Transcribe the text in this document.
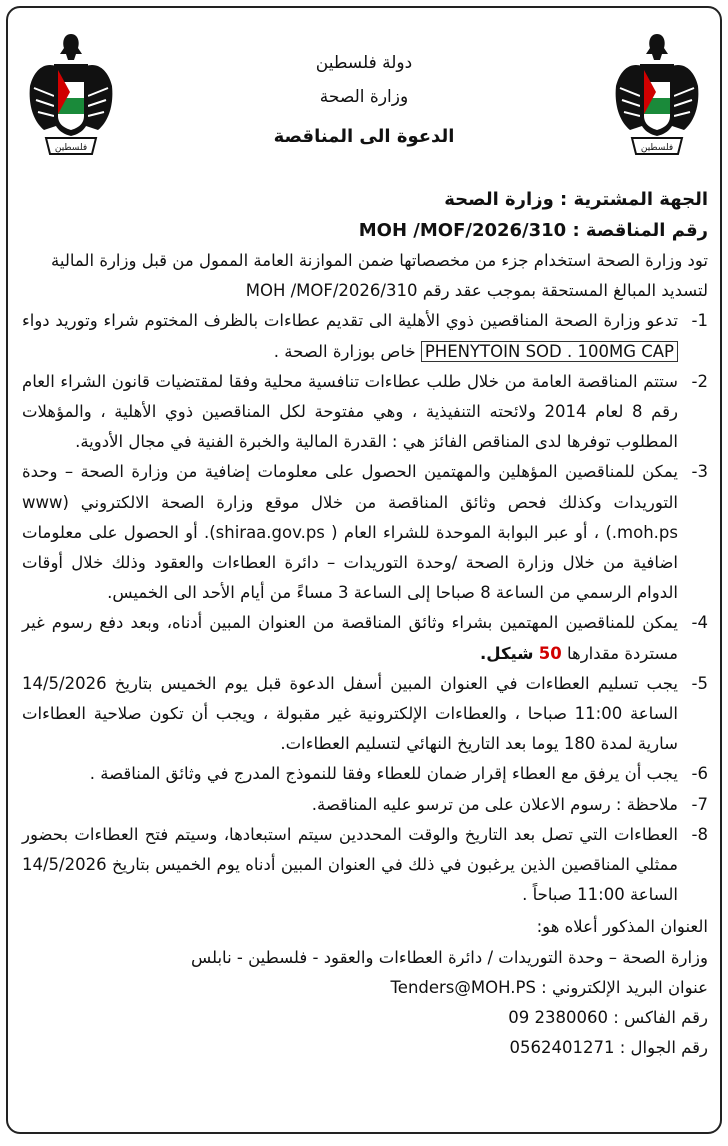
فلسطين	فلسطين
دولة فلسطين
وزارة الصحة
الدعوة الى المناقصة
الجهة المشترية : وزارة الصحة
رقم المناقصة : MOH /MOF/2026/310

تود وزارة الصحة استخدام جزء من مخصصاتها ضمن الموازنة العامة الممول من قبل وزارة المالية لتسديد المبالغ المستحقة بموجب عقد رقم MOH /MOF/2026/310

1-
تدعو وزارة الصحة المناقصين ذوي الأهلية الى تقديم عطاءات بالظرف المختوم شراء وتوريد دواء PHENYTOIN SOD . 100MG CAP خاص بوزارة الصحة .
2-
ستتم المناقصة العامة من خلال طلب عطاءات تنافسية محلية وفقا لمقتضيات قانون الشراء العام رقم 8 لعام 2014 ولائحته التنفيذية ، وهي مفتوحة لكل المناقصين ذوي الأهلية ، والمؤهلات المطلوب توفرها لدى المناقص الفائز هي : القدرة المالية والخبرة الفنية في مجال الأدوية.
3-
يمكن للمناقصين المؤهلين والمهتمين الحصول على معلومات إضافية من وزارة الصحة – وحدة التوريدات وكذلك فحص وثائق المناقصة من خلال موقع وزارة الصحة الالكتروني (www .moh.ps) ، أو عبر البوابة الموحدة للشراء العام ( shiraa.gov.ps). أو الحصول على معلومات اضافية من خلال وزارة الصحة /وحدة التوريدات – دائرة العطاءات والعقود وذلك خلال أوقات الدوام الرسمي من الساعة 8 صباحا إلى الساعة 3 مساءً من أيام الأحد الى الخميس.
4-
يمكن للمناقصين المهتمين بشراء وثائق المناقصة من العنوان المبين أدناه، وبعد دفع رسوم غير مستردة مقدارها 50 شيكل.
5-
يجب تسليم العطاءات في العنوان المبين أسفل الدعوة قبل يوم الخميس بتاريخ 14/5/2026 الساعة 11:00 صباحا ، والعطاءات الإلكترونية غير مقبولة ، ويجب أن تكون صلاحية العطاءات سارية لمدة 180 يوما بعد التاريخ النهائي لتسليم العطاءات.
6-
يجب أن يرفق مع العطاء إقرار ضمان للعطاء وفقا للنموذج المدرج في وثائق المناقصة .
7-
ملاحظة : رسوم الاعلان على من ترسو عليه المناقصة.
8-
العطاءات التي تصل بعد التاريخ والوقت المحددين سيتم استبعادها، وسيتم فتح العطاءات بحضور ممثلي المناقصين الذين يرغبون في ذلك في العنوان المبين أدناه يوم الخميس بتاريخ 14/5/2026 الساعة 11:00 صباحاً .
العنوان المذكور أعلاه هو:
وزارة الصحة – وحدة التوريدات / دائرة العطاءات والعقود - فلسطين - نابلس
عنوان البريد الإلكتروني : Tenders@MOH.PS
رقم الفاكس : 09 2380060
رقم الجوال : 0562401271
